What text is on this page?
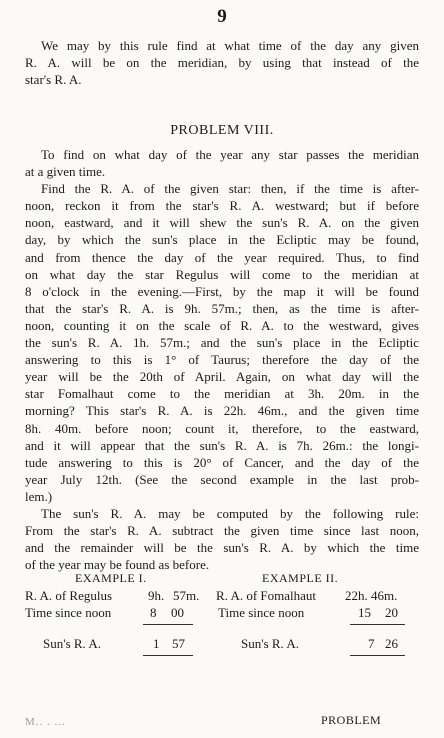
9
We may by this rule find at what time of the day any given
R. A. will be on the meridian, by using that instead of the
star's R. A.
PROBLEM VIII.
To find on what day of the year any star passes the meridian
at a given time.
Find the R. A. of the given star: then, if the time is after-
noon, reckon it from the star's R. A. westward; but if before
noon, eastward, and it will shew the sun's R. A. on the given
day, by which the sun's place in the Ecliptic may be found,
and from thence the day of the year required. Thus, to find
on what day the star Regulus will come to the meridian at
8 o'clock in the evening.—First, by the map it will be found
that the star's R. A. is 9h. 57m.; then, as the time is after-
noon, counting it on the scale of R. A. to the westward, gives
the sun's R. A. 1h. 57m.; and the sun's place in the Ecliptic
answering to this is 1° of Taurus; therefore the day of the
year will be the 20th of April. Again, on what day will the
star Fomalhaut come to the meridian at 3h. 20m. in the
morning? This star's R. A. is 22h. 46m., and the given time
8h. 40m. before noon; count it, therefore, to the eastward,
and it will appear that the sun's R. A. is 7h. 26m.: the longi-
tude answering to this is 20° of Cancer, and the day of the
year July 12th. (See the second example in the last prob-
lem.)
The sun's R. A. may be computed by the following rule:
From the star's R. A. subtract the given time since last noon,
and the remainder will be the sun's R. A. by which the time
of the year may be found as before.
EXAMPLE I.
R. A. of Regulus	9h. 57m.
Time since noon	8 00
Sun's R. A.	1 57
EXAMPLE II.
R. A. of Fomalhaut 22h. 46m.
Time since noon	15 20
Sun's R. A.	7 26
M.. . ...	PROBLEM
